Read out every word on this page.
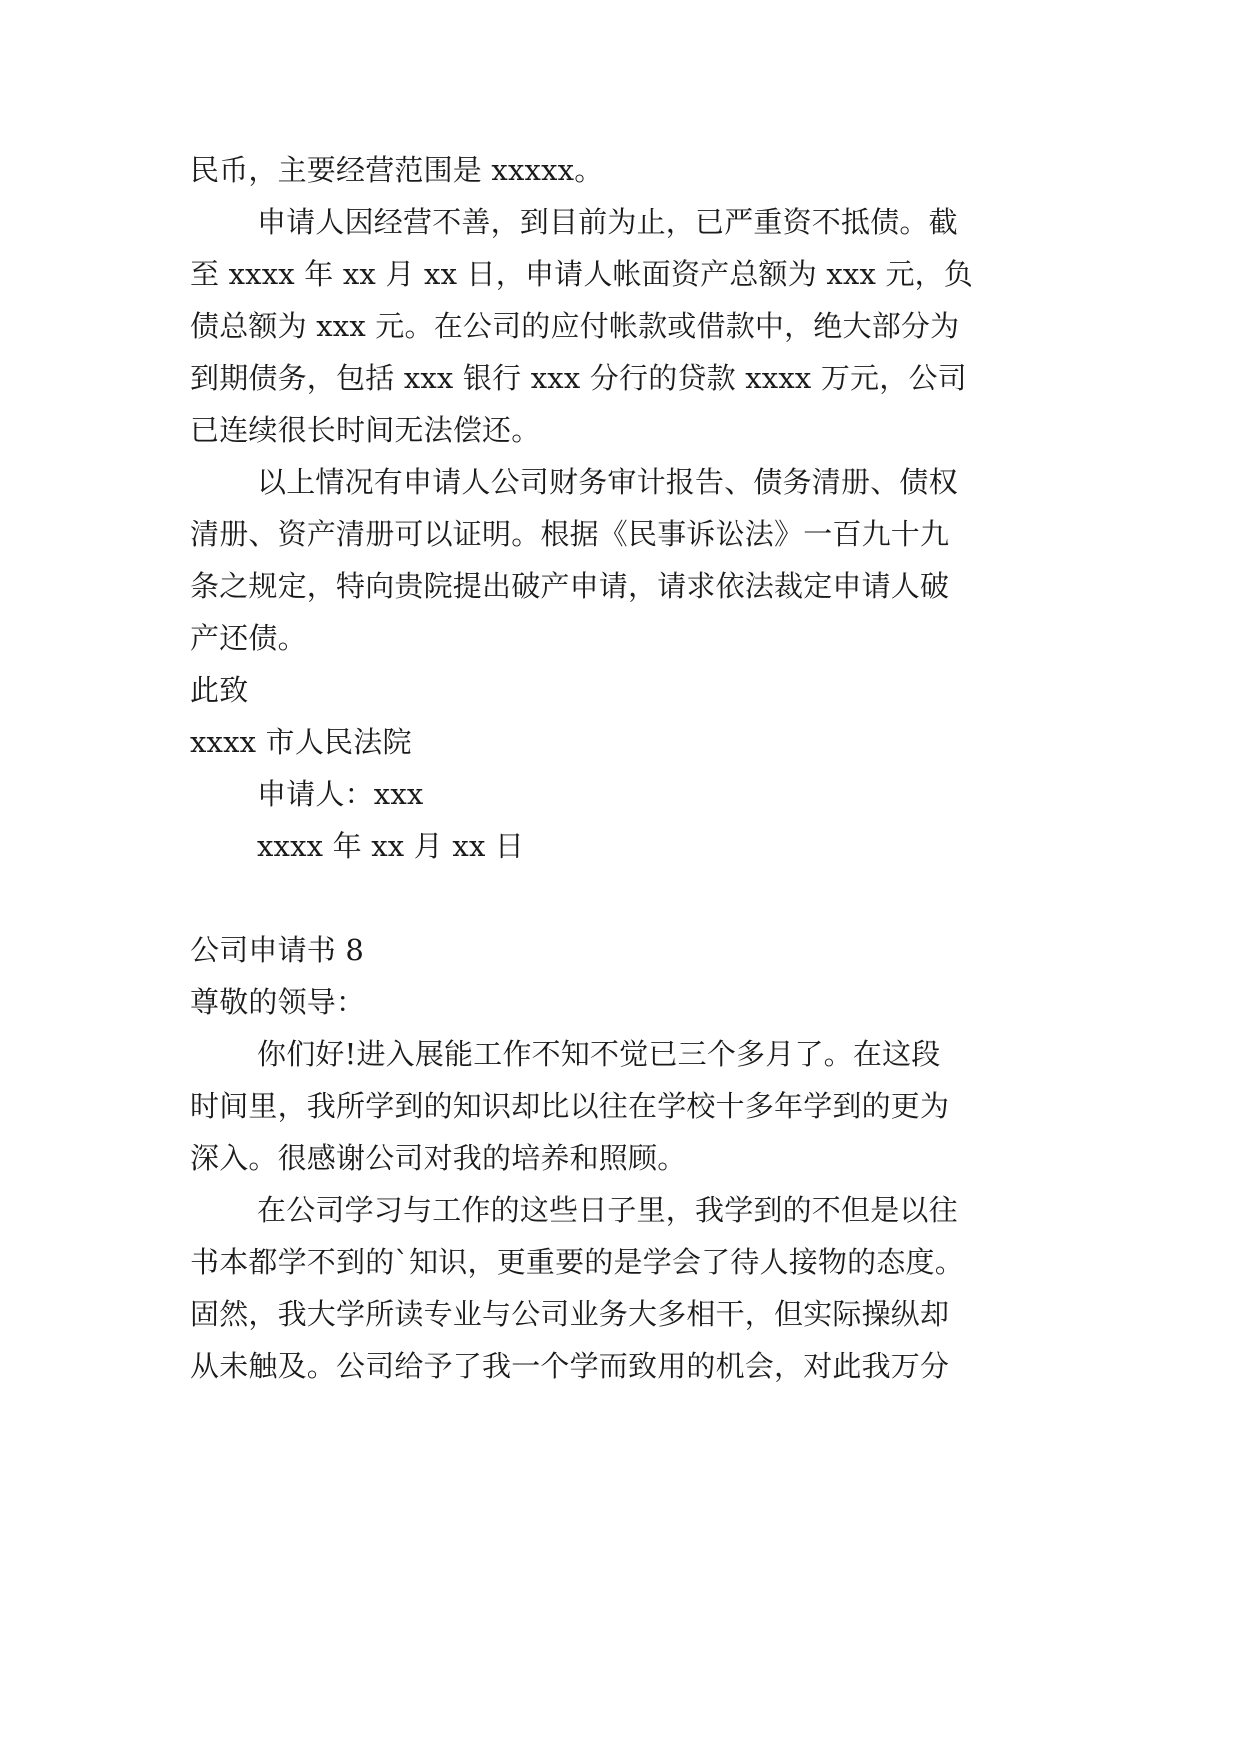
民币，主要经营范围是 xxxxx。
申请人因经营不善，到目前为止，已严重资不抵债。截
至 xxxx 年 xx 月 xx 日，申请人帐面资产总额为 xxx 元，负
债总额为 xxx 元。在公司的应付帐款或借款中，绝大部分为
到期债务，包括 xxx 银行 xxx 分行的贷款 xxxx 万元，公司
已连续很长时间无法偿还。
以上情况有申请人公司财务审计报告、债务清册、债权
清册、资产清册可以证明。根据《民事诉讼法》一百九十九
条之规定，特向贵院提出破产申请，请求依法裁定申请人破
产还债。
此致
xxxx 市人民法院
申请人：xxx
xxxx 年 xx 月 xx 日
公司申请书 8
尊敬的领导：
你们好!进入展能工作不知不觉已三个多月了。在这段
时间里，我所学到的知识却比以往在学校十多年学到的更为
深入。很感谢公司对我的培养和照顾。
在公司学习与工作的这些日子里，我学到的不但是以往
书本都学不到的`知识，更重要的是学会了待人接物的态度。
固然，我大学所读专业与公司业务大多相干，但实际操纵却
从未触及。公司给予了我一个学而致用的机会，对此我万分
